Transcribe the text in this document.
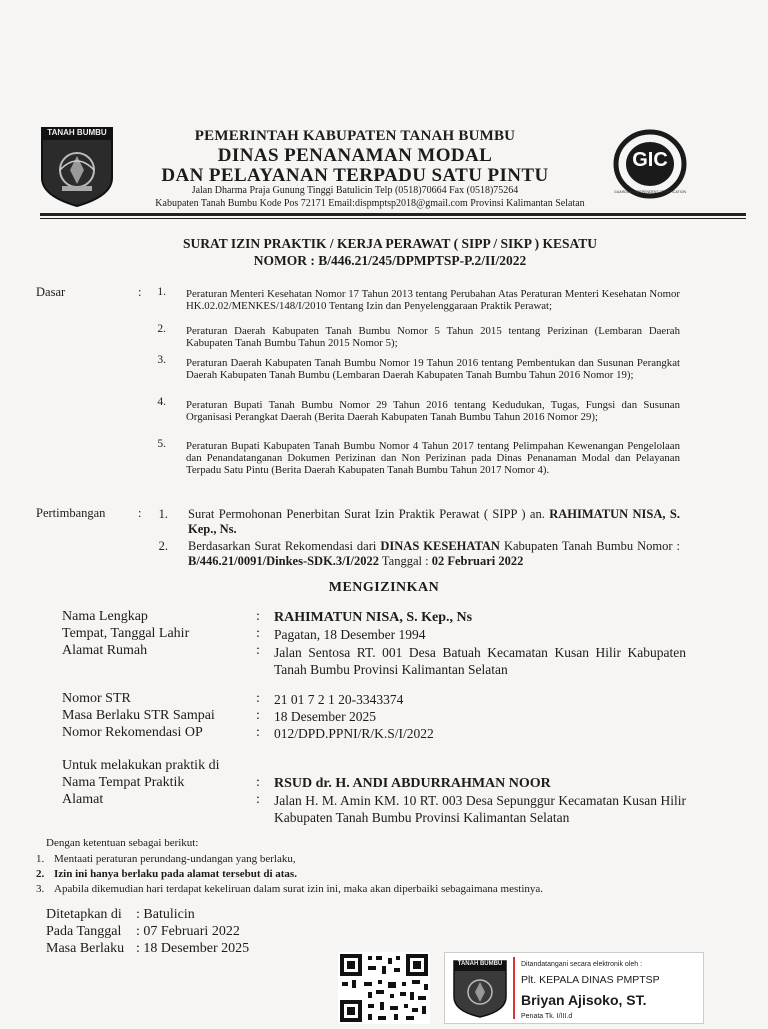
TANAH BUMBU	PEMERINTAH KABUPATEN TANAH BUMBU
DINAS PENANAMAN MODAL
DAN PELAYANAN TERPADU SATU PINTU
Jalan Dharma Praja Gunung Tinggi Batulicin Telp (0518)70664 Fax (0518)75264
Kabupaten Tanah Bumbu Kode Pos 72171 Email:dispmptsp2018@gmail.com Provinsi Kalimantan Selatan
GIC
GUARDIAN INDEPENDENT CERTIFICATION
SURAT IZIN PRAKTIK / KERJA PERAWAT ( SIPP / SIKP ) KESATU
NOMOR : B/446.21/245/DPMPTSP-P.2/II/2022
Dasar	:	1. Peraturan Menteri Kesehatan Nomor 17 Tahun 2013 tentang Perubahan Atas Peraturan Menteri Kesehatan Nomor HK.02.02/MENKES/148/I/2010 Tentang Izin dan Penyelenggaraan Praktik Perawat;
2. Peraturan Daerah Kabupaten Tanah Bumbu Nomor 5 Tahun 2015 tentang Perizinan (Lembaran Daerah Kabupaten Tanah Bumbu Tahun 2015 Nomor 5);
3. Peraturan Daerah Kabupaten Tanah Bumbu Nomor 19 Tahun 2016 tentang Pembentukan dan Susunan Perangkat Daerah Kabupaten Tanah Bumbu (Lembaran Daerah Kabupaten Tanah Bumbu Tahun 2016 Nomor 19);
4. Peraturan Bupati Tanah Bumbu Nomor 29 Tahun 2016 tentang Kedudukan, Tugas, Fungsi dan Susunan Organisasi Perangkat Daerah (Berita Daerah Kabupaten Tanah Bumbu Tahun 2016 Nomor 29);
5. Peraturan Bupati Kabupaten Tanah Bumbu Nomor 4 Tahun 2017 tentang Pelimpahan Kewenangan Pengelolaan dan Penandatanganan Dokumen Perizinan dan Non Perizinan pada Dinas Penanaman Modal dan Pelayanan Terpadu Satu Pintu (Berita Daerah Kabupaten Tanah Bumbu Tahun 2017 Nomor 4).
Pertimbangan	:	1. Surat Permohonan Penerbitan Surat Izin Praktik Perawat ( SIPP ) an. RAHIMATUN NISA, S. Kep., Ns.
2. Berdasarkan Surat Rekomendasi dari DINAS KESEHATAN Kabupaten Tanah Bumbu Nomor : B/446.21/0091/Dinkes-SDK.3/I/2022 Tanggal : 02 Februari 2022
MENGIZINKAN
Nama Lengkap	: RAHIMATUN NISA, S. Kep., Ns
Tempat, Tanggal Lahir	: Pagatan, 18 Desember 1994
Alamat Rumah	: Jalan Sentosa RT. 001 Desa Batuah Kecamatan Kusan Hilir Kabupaten Tanah Bumbu Provinsi Kalimantan Selatan
Nomor STR	: 21 01 7 2 1 20-3343374
Masa Berlaku STR Sampai	: 18 Desember 2025
Nomor Rekomendasi OP	: 012/DPD.PPNI/R/K.S/I/2022
Untuk melakukan praktik di
Nama Tempat Praktik	: RSUD dr. H. ANDI ABDURRAHMAN NOOR
Alamat	: Jalan H. M. Amin KM. 10 RT. 003 Desa Sepunggur Kecamatan Kusan Hilir Kabupaten Tanah Bumbu Provinsi Kalimantan Selatan
Dengan ketentuan sebagai berikut:
1. Mentaati peraturan perundang-undangan yang berlaku,
2. Izin ini hanya berlaku pada alamat tersebut di atas.
3. Apabila dikemudian hari terdapat kekeliruan dalam surat izin ini, maka akan diperbaiki sebagaimana mestinya.
Ditetapkan di : Batulicin
Pada Tanggal : 07 Februari 2022
Masa Berlaku : 18 Desember 2025
TANAH BUMBU	Ditandatangani secara elektronik oleh :
Plt. KEPALA DINAS PMPTSP
Briyan Ajisoko, ST.
Penata Tk. I/III.d
